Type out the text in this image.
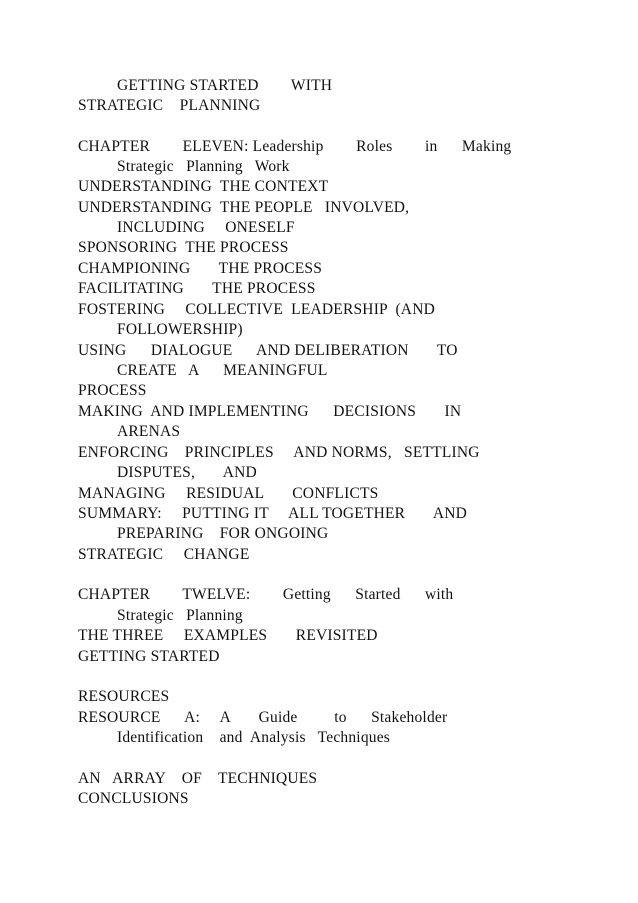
GETTING STARTED        WITH
STRATEGIC    PLANNING
CHAPTER        ELEVEN: Leadership        Roles        in      Making
Strategic   Planning   Work
UNDERSTANDING  THE CONTEXT
UNDERSTANDING  THE PEOPLE   INVOLVED,
INCLUDING     ONESELF
SPONSORING  THE PROCESS
CHAMPIONING       THE PROCESS
FACILITATING       THE PROCESS
FOSTERING     COLLECTIVE  LEADERSHIP  (AND
FOLLOWERSHIP)
USING      DIALOGUE      AND DELIBERATION       TO
CREATE   A      MEANINGFUL
PROCESS
MAKING  AND IMPLEMENTING      DECISIONS       IN
ARENAS
ENFORCING    PRINCIPLES     AND NORMS,   SETTLING
DISPUTES,       AND
MANAGING     RESIDUAL       CONFLICTS
SUMMARY:     PUTTING IT     ALL TOGETHER       AND
PREPARING    FOR ONGOING
STRATEGIC     CHANGE
CHAPTER        TWELVE:        Getting      Started      with
Strategic   Planning
THE THREE     EXAMPLES       REVISITED
GETTING STARTED
RESOURCES
RESOURCE      A:     A       Guide         to      Stakeholder
Identification    and  Analysis   Techniques
AN   ARRAY    OF    TECHNIQUES
CONCLUSIONS
